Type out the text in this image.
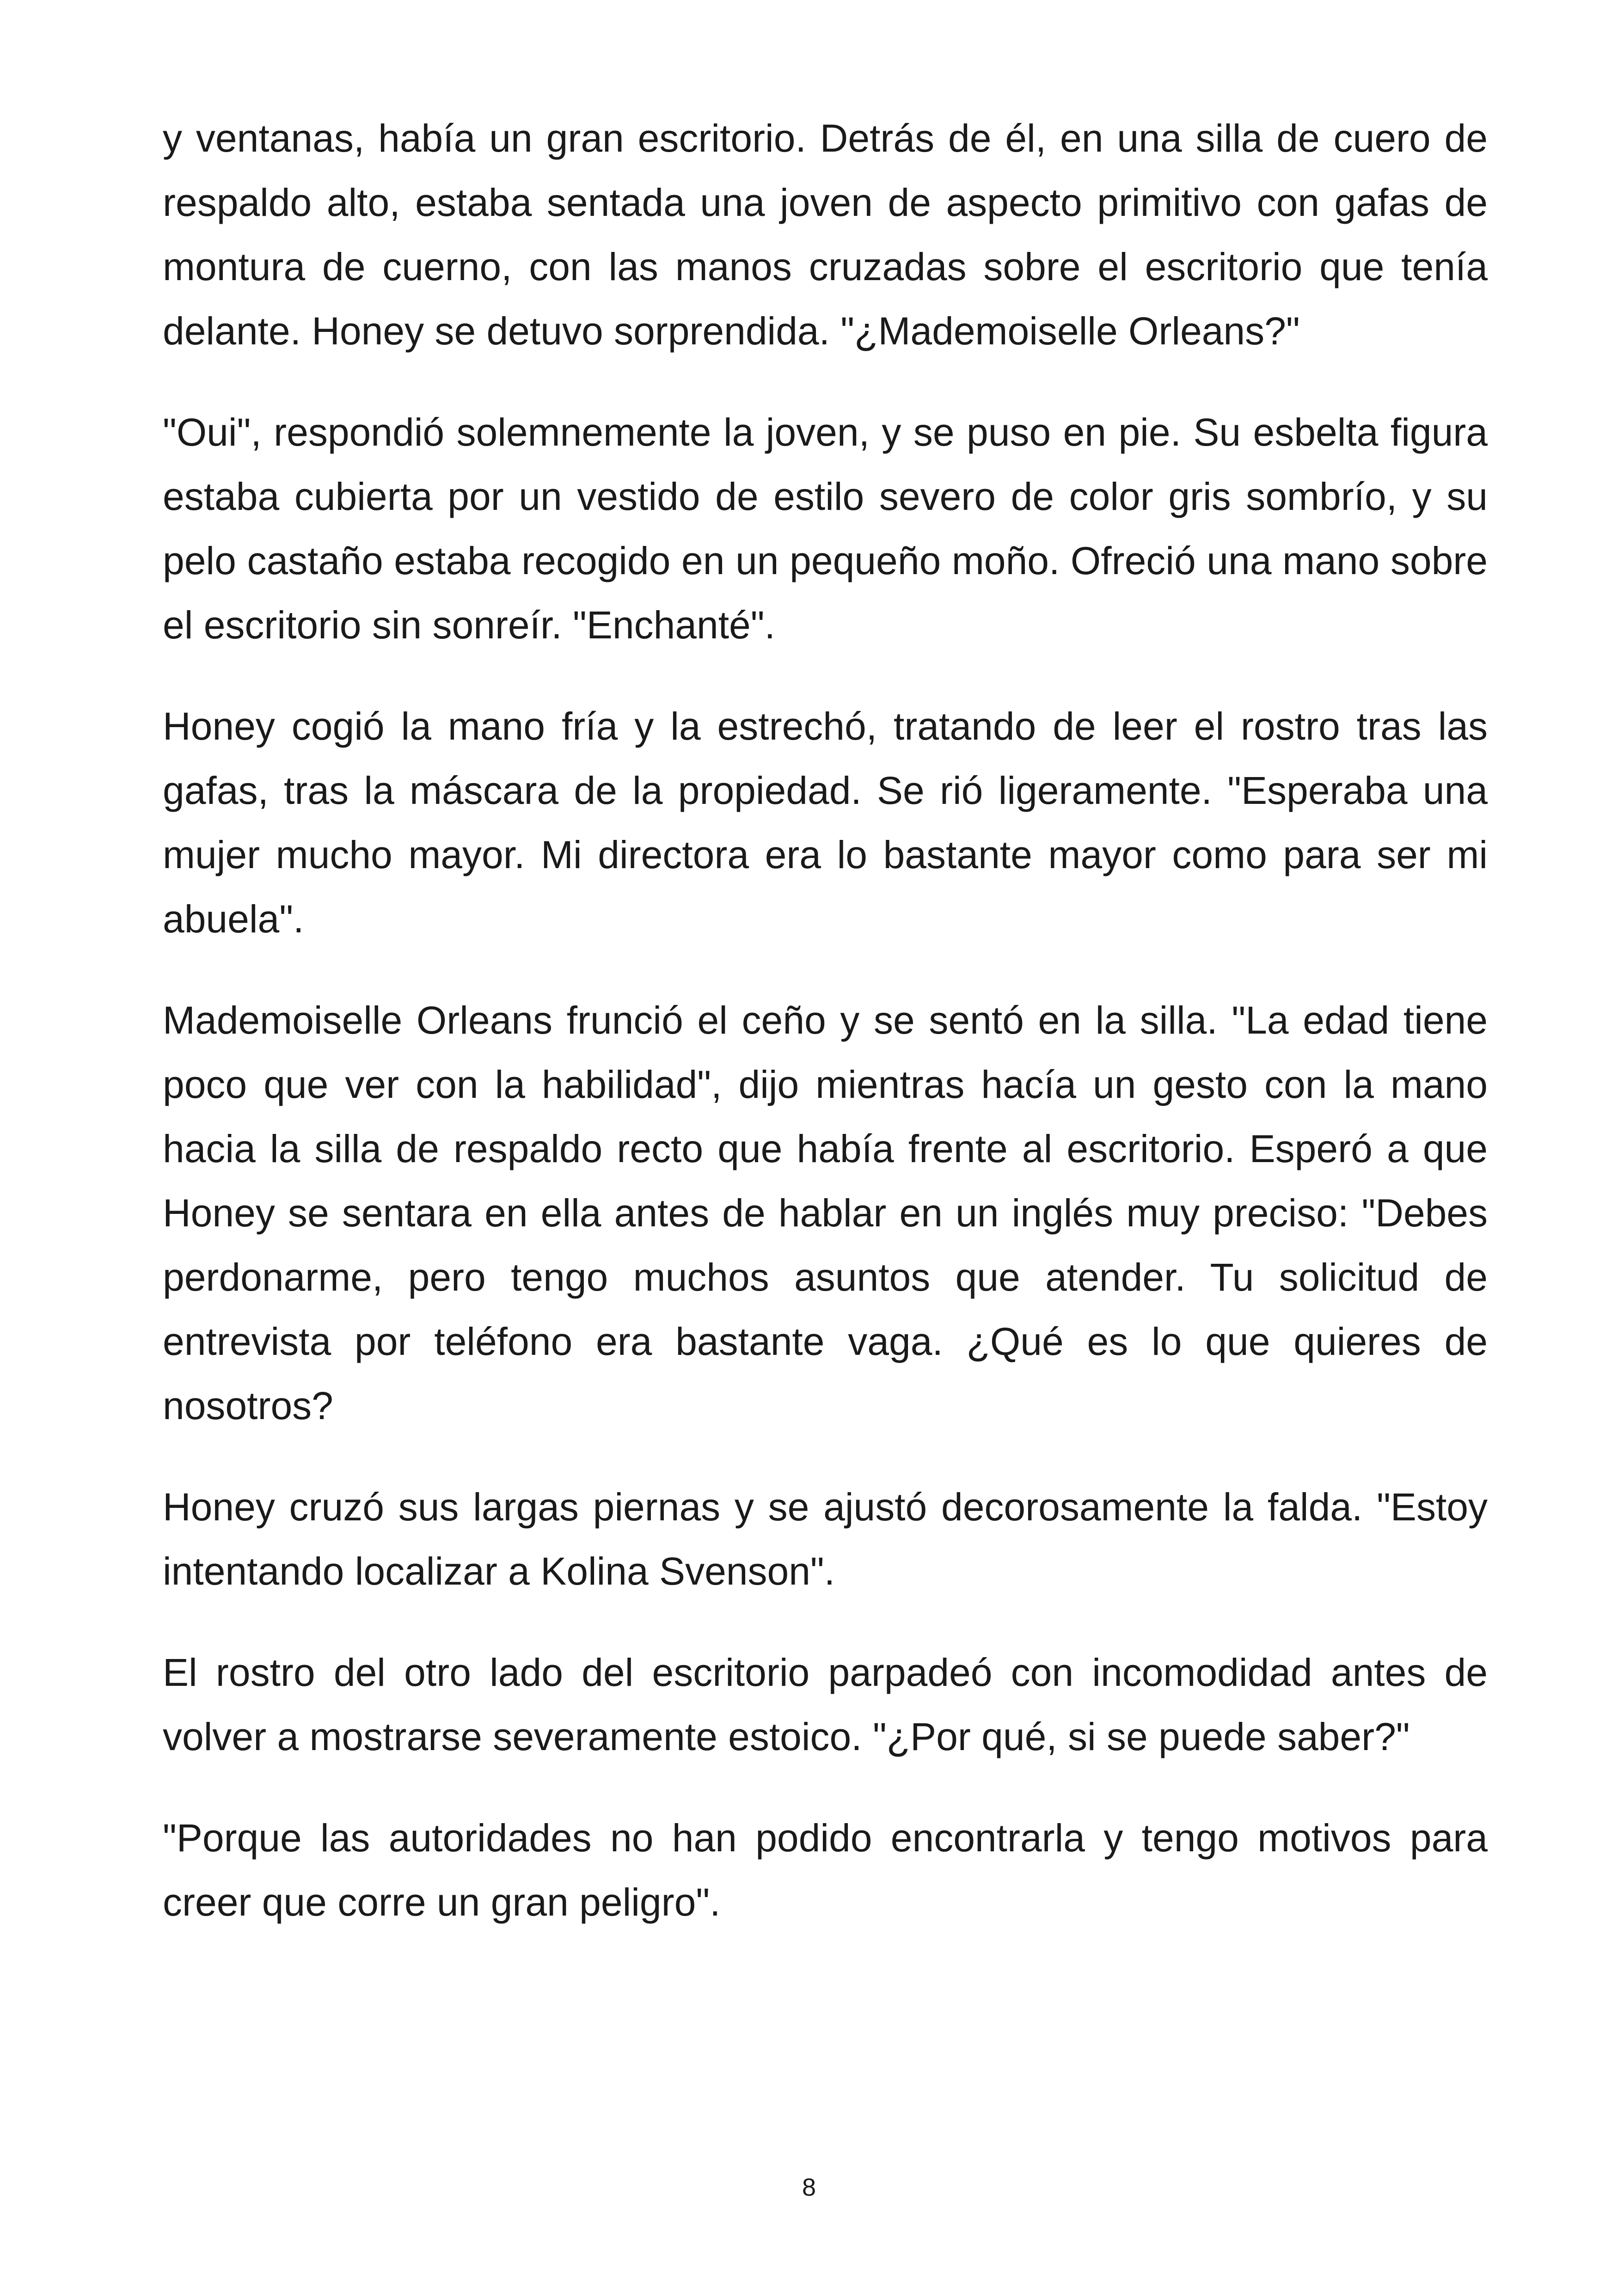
y ventanas, había un gran escritorio. Detrás de él, en una silla de cuero de respaldo alto, estaba sentada una joven de aspecto primitivo con gafas de montura de cuerno, con las manos cruzadas sobre el escritorio que tenía delante. Honey se detuvo sorprendida. "¿Mademoiselle Orleans?"

"Oui", respondió solemnemente la joven, y se puso en pie. Su esbelta figura estaba cubierta por un vestido de estilo severo de color gris sombrío, y su pelo castaño estaba recogido en un pequeño moño. Ofreció una mano sobre el escritorio sin sonreír. "Enchanté".

Honey cogió la mano fría y la estrechó, tratando de leer el rostro tras las gafas, tras la máscara de la propiedad. Se rió ligeramente. "Esperaba una mujer mucho mayor. Mi directora era lo bastante mayor como para ser mi abuela".

Mademoiselle Orleans frunció el ceño y se sentó en la silla. "La edad tiene poco que ver con la habilidad", dijo mientras hacía un gesto con la mano hacia la silla de respaldo recto que había frente al escritorio. Esperó a que Honey se sentara en ella antes de hablar en un inglés muy preciso: "Debes perdonarme, pero tengo muchos asuntos que atender. Tu solicitud de entrevista por teléfono era bastante vaga. ¿Qué es lo que quieres de nosotros?

Honey cruzó sus largas piernas y se ajustó decorosamente la falda. "Estoy intentando localizar a Kolina Svenson".

El rostro del otro lado del escritorio parpadeó con incomodidad antes de volver a mostrarse severamente estoico. "¿Por qué, si se puede saber?"

"Porque las autoridades no han podido encontrarla y tengo motivos para creer que corre un gran peligro".

8
